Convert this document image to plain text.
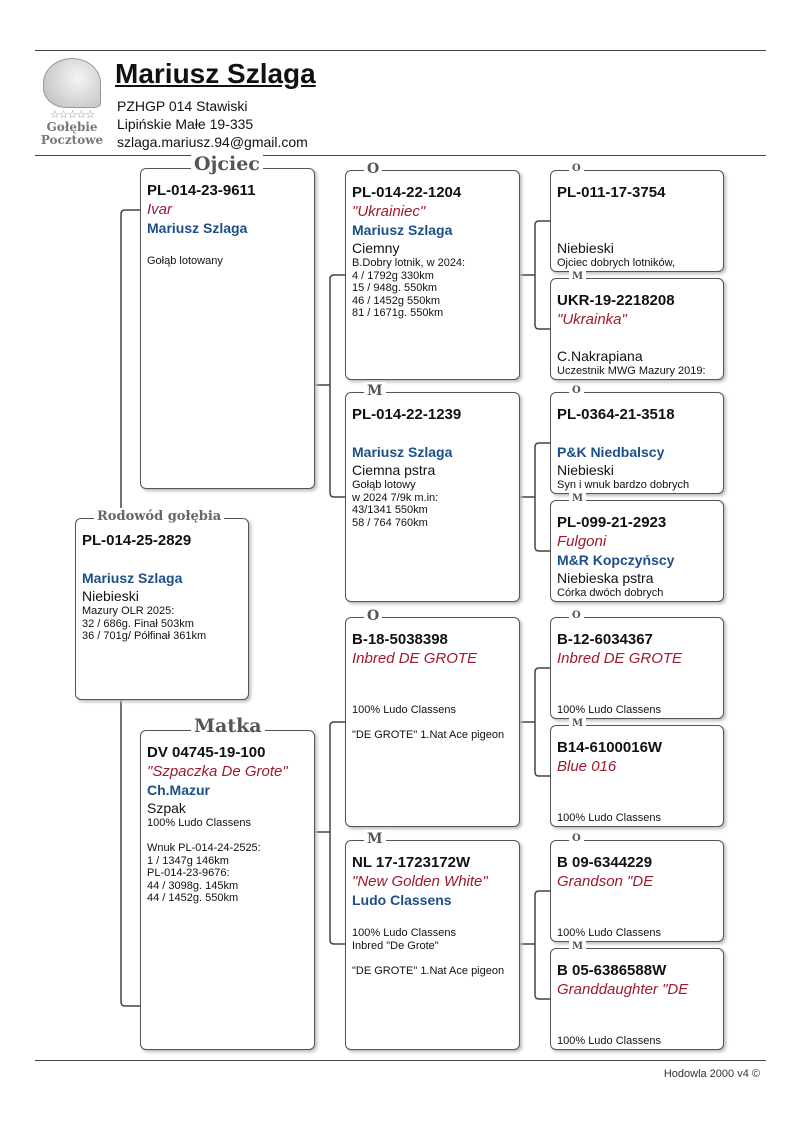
☆☆☆☆☆
Gołębie
Pocztowe
Mariusz Szlaga
PZHGP 014 Stawiski
Lipińskie Małe 19-335
szlaga.mariusz.94@gmail.com
Rodowód gołębia
PL-014-25-2829
Mariusz Szlaga
Niebieski
Mazury OLR 2025:
32 / 686g. Finał 503km
36 / 701g/ Półfinał 361km
Ojciec
PL-014-23-9611
Ivar
Mariusz Szlaga
Gołąb lotowany
Matka
DV 04745-19-100
"Szpaczka De Grote"
Ch.Mazur
Szpak
100% Ludo Classens

Wnuk PL-014-24-2525:
1 / 1347g 146km
PL-014-23-9676:
44 / 3098g. 145km
44 / 1452g. 550km
O
PL-014-22-1204
"Ukrainiec"
Mariusz Szlaga
Ciemny
B.Dobry lotnik, w 2024:
4 / 1792g 330km
15 / 948g. 550km
46 / 1452g 550km
81 / 1671g. 550km
M
PL-014-22-1239
Mariusz Szlaga
Ciemna pstra
Gołąb lotowy
w 2024 7/9k m.in:
43/1341 550km
58 / 764 760km
O
B-18-5038398
Inbred DE GROTE
100% Ludo Classens

"DE GROTE" 1.Nat Ace pigeon
M
NL 17-1723172W
"New Golden White"
Ludo Classens
100% Ludo Classens
Inbred "De Grote"

"DE GROTE" 1.Nat Ace pigeon
O
PL-011-17-3754
Niebieski
Ojciec dobrych lotników,
M
UKR-19-2218208
"Ukrainka"
C.Nakrapiana
Uczestnik MWG Mazury 2019:
O
PL-0364-21-3518
P&K Niedbalscy
Niebieski
Syn i wnuk bardzo dobrych
M
PL-099-21-2923
Fulgoni
M&R Kopczyńscy
Niebieska pstra
Córka dwóch dobrych
O
B-12-6034367
Inbred DE GROTE
100% Ludo Classens
M
B14-6100016W
Blue 016
100% Ludo Classens
O
B 09-6344229
Grandson "DE
100% Ludo Classens
M
B 05-6386588W
Granddaughter "DE
100% Ludo Classens
Hodowla 2000 v4 ©
